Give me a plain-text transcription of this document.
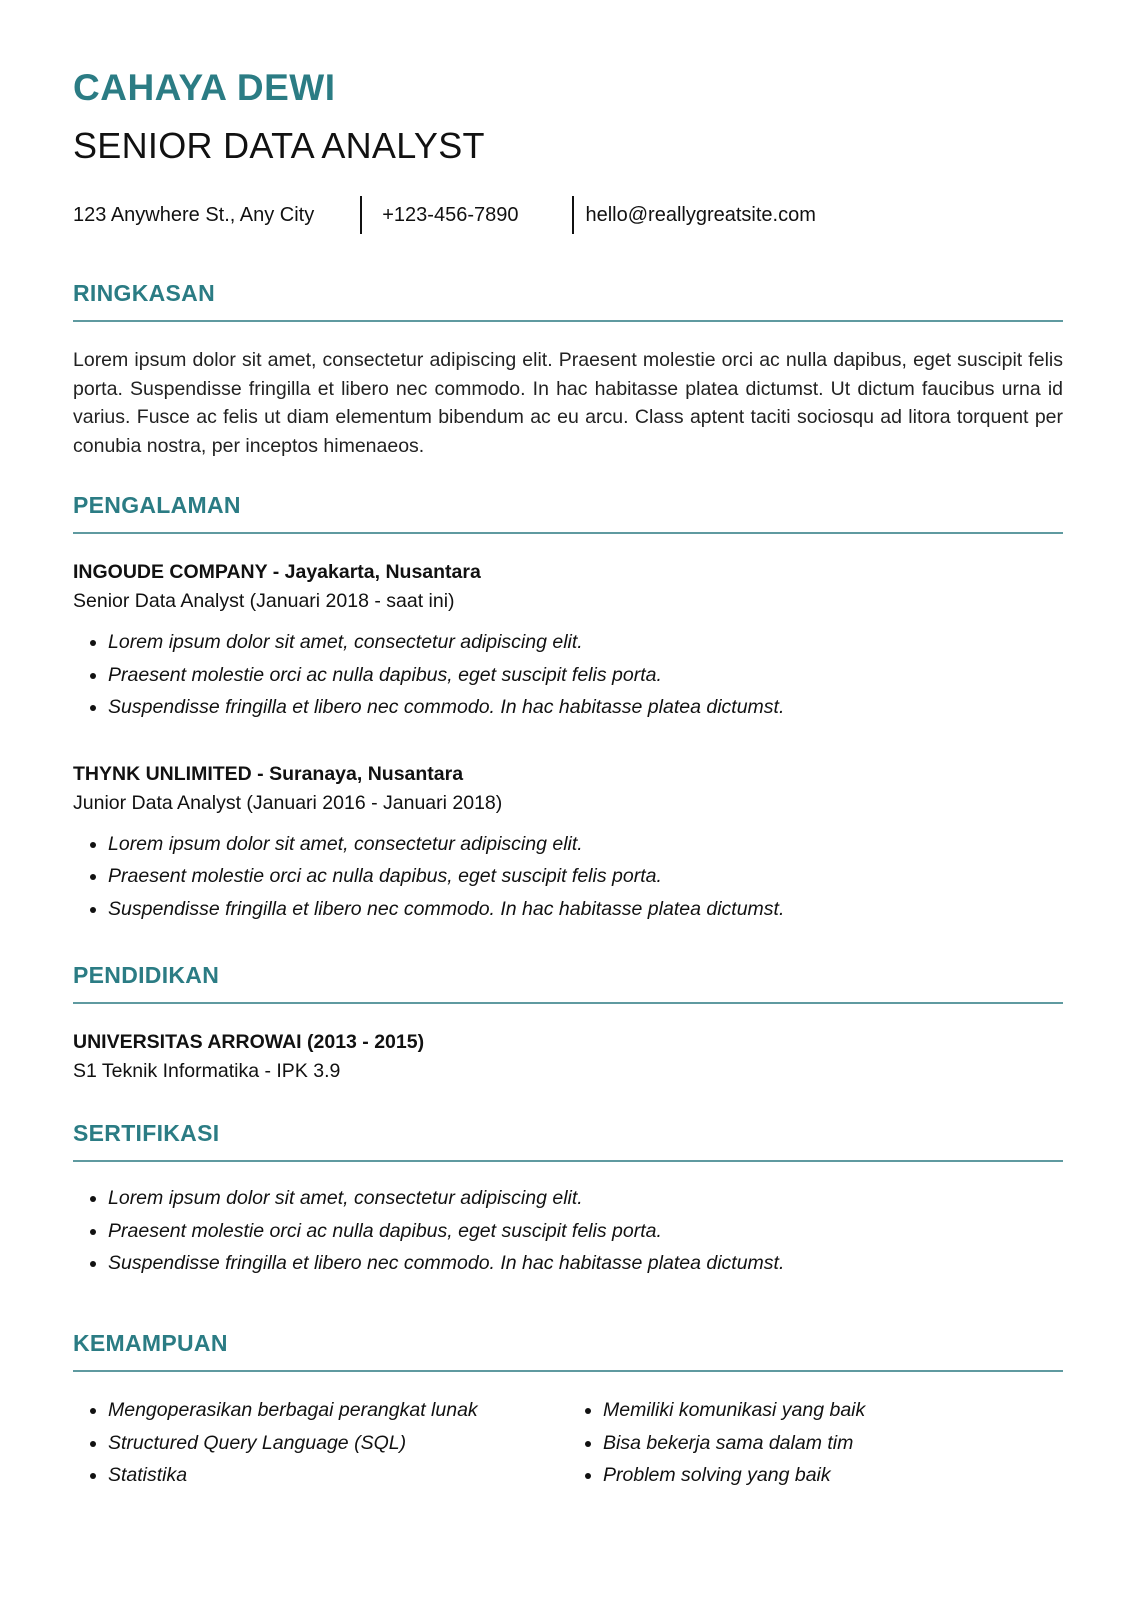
CAHAYA DEWI
SENIOR DATA ANALYST
123 Anywhere St., Any City	+123-456-7890	hello@reallygreatsite.com
RINGKASAN

Lorem ipsum dolor sit amet, consectetur adipiscing elit. Praesent molestie orci ac nulla dapibus, eget suscipit felis porta. Suspendisse fringilla et libero nec commodo. In hac habitasse platea dictumst. Ut dictum faucibus urna id varius. Fusce ac felis ut diam elementum bibendum ac eu arcu. Class aptent taciti sociosqu ad litora torquent per conubia nostra, per inceptos himenaeos.

PENGALAMAN

INGOUDE COMPANY - Jayakarta, Nusantara

Senior Data Analyst (Januari 2018 - saat ini)

Lorem ipsum dolor sit amet, consectetur adipiscing elit.
Praesent molestie orci ac nulla dapibus, eget suscipit felis porta.
Suspendisse fringilla et libero nec commodo. In hac habitasse platea dictumst.

THYNK UNLIMITED - Suranaya, Nusantara

Junior Data Analyst (Januari 2016 - Januari 2018)

Lorem ipsum dolor sit amet, consectetur adipiscing elit.
Praesent molestie orci ac nulla dapibus, eget suscipit felis porta.
Suspendisse fringilla et libero nec commodo. In hac habitasse platea dictumst.
PENDIDIKAN

UNIVERSITAS ARROWAI (2013 - 2015)

S1 Teknik Informatika - IPK 3.9

SERTIFIKASI
Lorem ipsum dolor sit amet, consectetur adipiscing elit.
Praesent molestie orci ac nulla dapibus, eget suscipit felis porta.
Suspendisse fringilla et libero nec commodo. In hac habitasse platea dictumst.
KEMAMPUAN
Mengoperasikan berbagai perangkat lunak
Structured Query Language (SQL)
Statistika
Memiliki komunikasi yang baik
Bisa bekerja sama dalam tim
Problem solving yang baik
